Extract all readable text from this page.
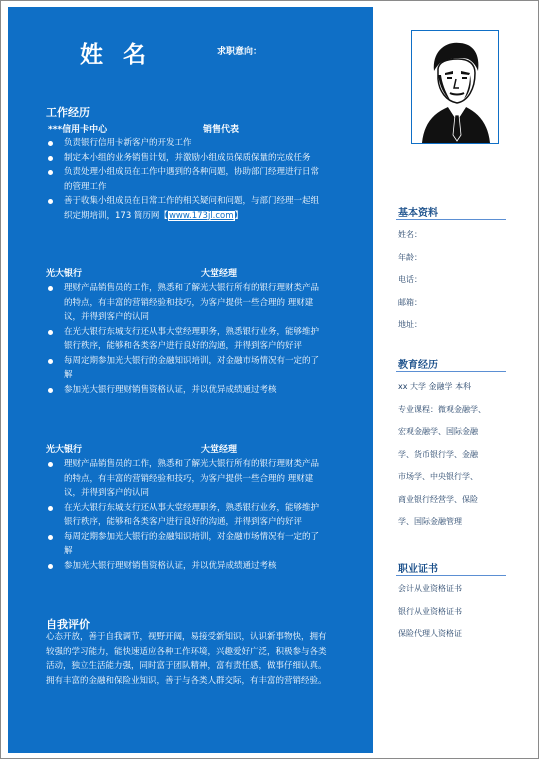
姓名	求职意向：
工作经历
***信用卡中心	销售代表
负责银行信用卡新客户的开发工作
制定本小组的业务销售计划，并激励小组成员保质保量的完成任务
负责处理小组成员在工作中遇到的各种问题，协助部门经理进行日常的管理工作
善于收集小组成员在日常工作的相关疑问和问题，与部门经理一起组织定期培训，173 简历网【www.173jl.com】
光大银行	大堂经理
理财产品销售员的工作，熟悉和了解光大银行所有的银行理财类产品的特点，有丰富的营销经验和技巧，为客户提供一些合理的 理财建议，并得到客户的认同
在光大银行东城支行还从事大堂经理职务，熟悉银行业务，能够维护银行秩序，能够和各类客户进行良好的沟通，并得到客户的好评
每周定期参加光大银行的金融知识培训，对金融市场情况有一定的了解
参加光大银行理财销售资格认证，并以优异成绩通过考核
光大银行	大堂经理
理财产品销售员的工作，熟悉和了解光大银行所有的银行理财类产品的特点，有丰富的营销经验和技巧，为客户提供一些合理的 理财建议，并得到客户的认同
在光大银行东城支行还从事大堂经理职务，熟悉银行业务，能够维护银行秩序，能够和各类客户进行良好的沟通，并得到客户的好评
每周定期参加光大银行的金融知识培训，对金融市场情况有一定的了解
参加光大银行理财销售资格认证，并以优异成绩通过考核
自我评价
心态开放，善于自我调节，视野开阔，易接受新知识，认识新事物快，拥有较强的学习能力，能快速适应各种工作环境，兴趣爱好广泛，积极参与各类活动，独立生活能力强，同时富于团队精神，富有责任感，做事仔细认真。拥有丰富的金融和保险业知识，善于与各类人群交际，有丰富的营销经验。
基本资料
姓名：
年龄：
电话：
邮箱：
地址：
教育经历
xx 大学 金融学 本科
专业课程：微观金融学、
宏观金融学、国际金融
学、货币银行学、金融
市场学、中央银行学、
商业银行经营学、保险
学、国际金融管理
职业证书
会计从业资格证书
银行从业资格证书
保险代理人资格证
